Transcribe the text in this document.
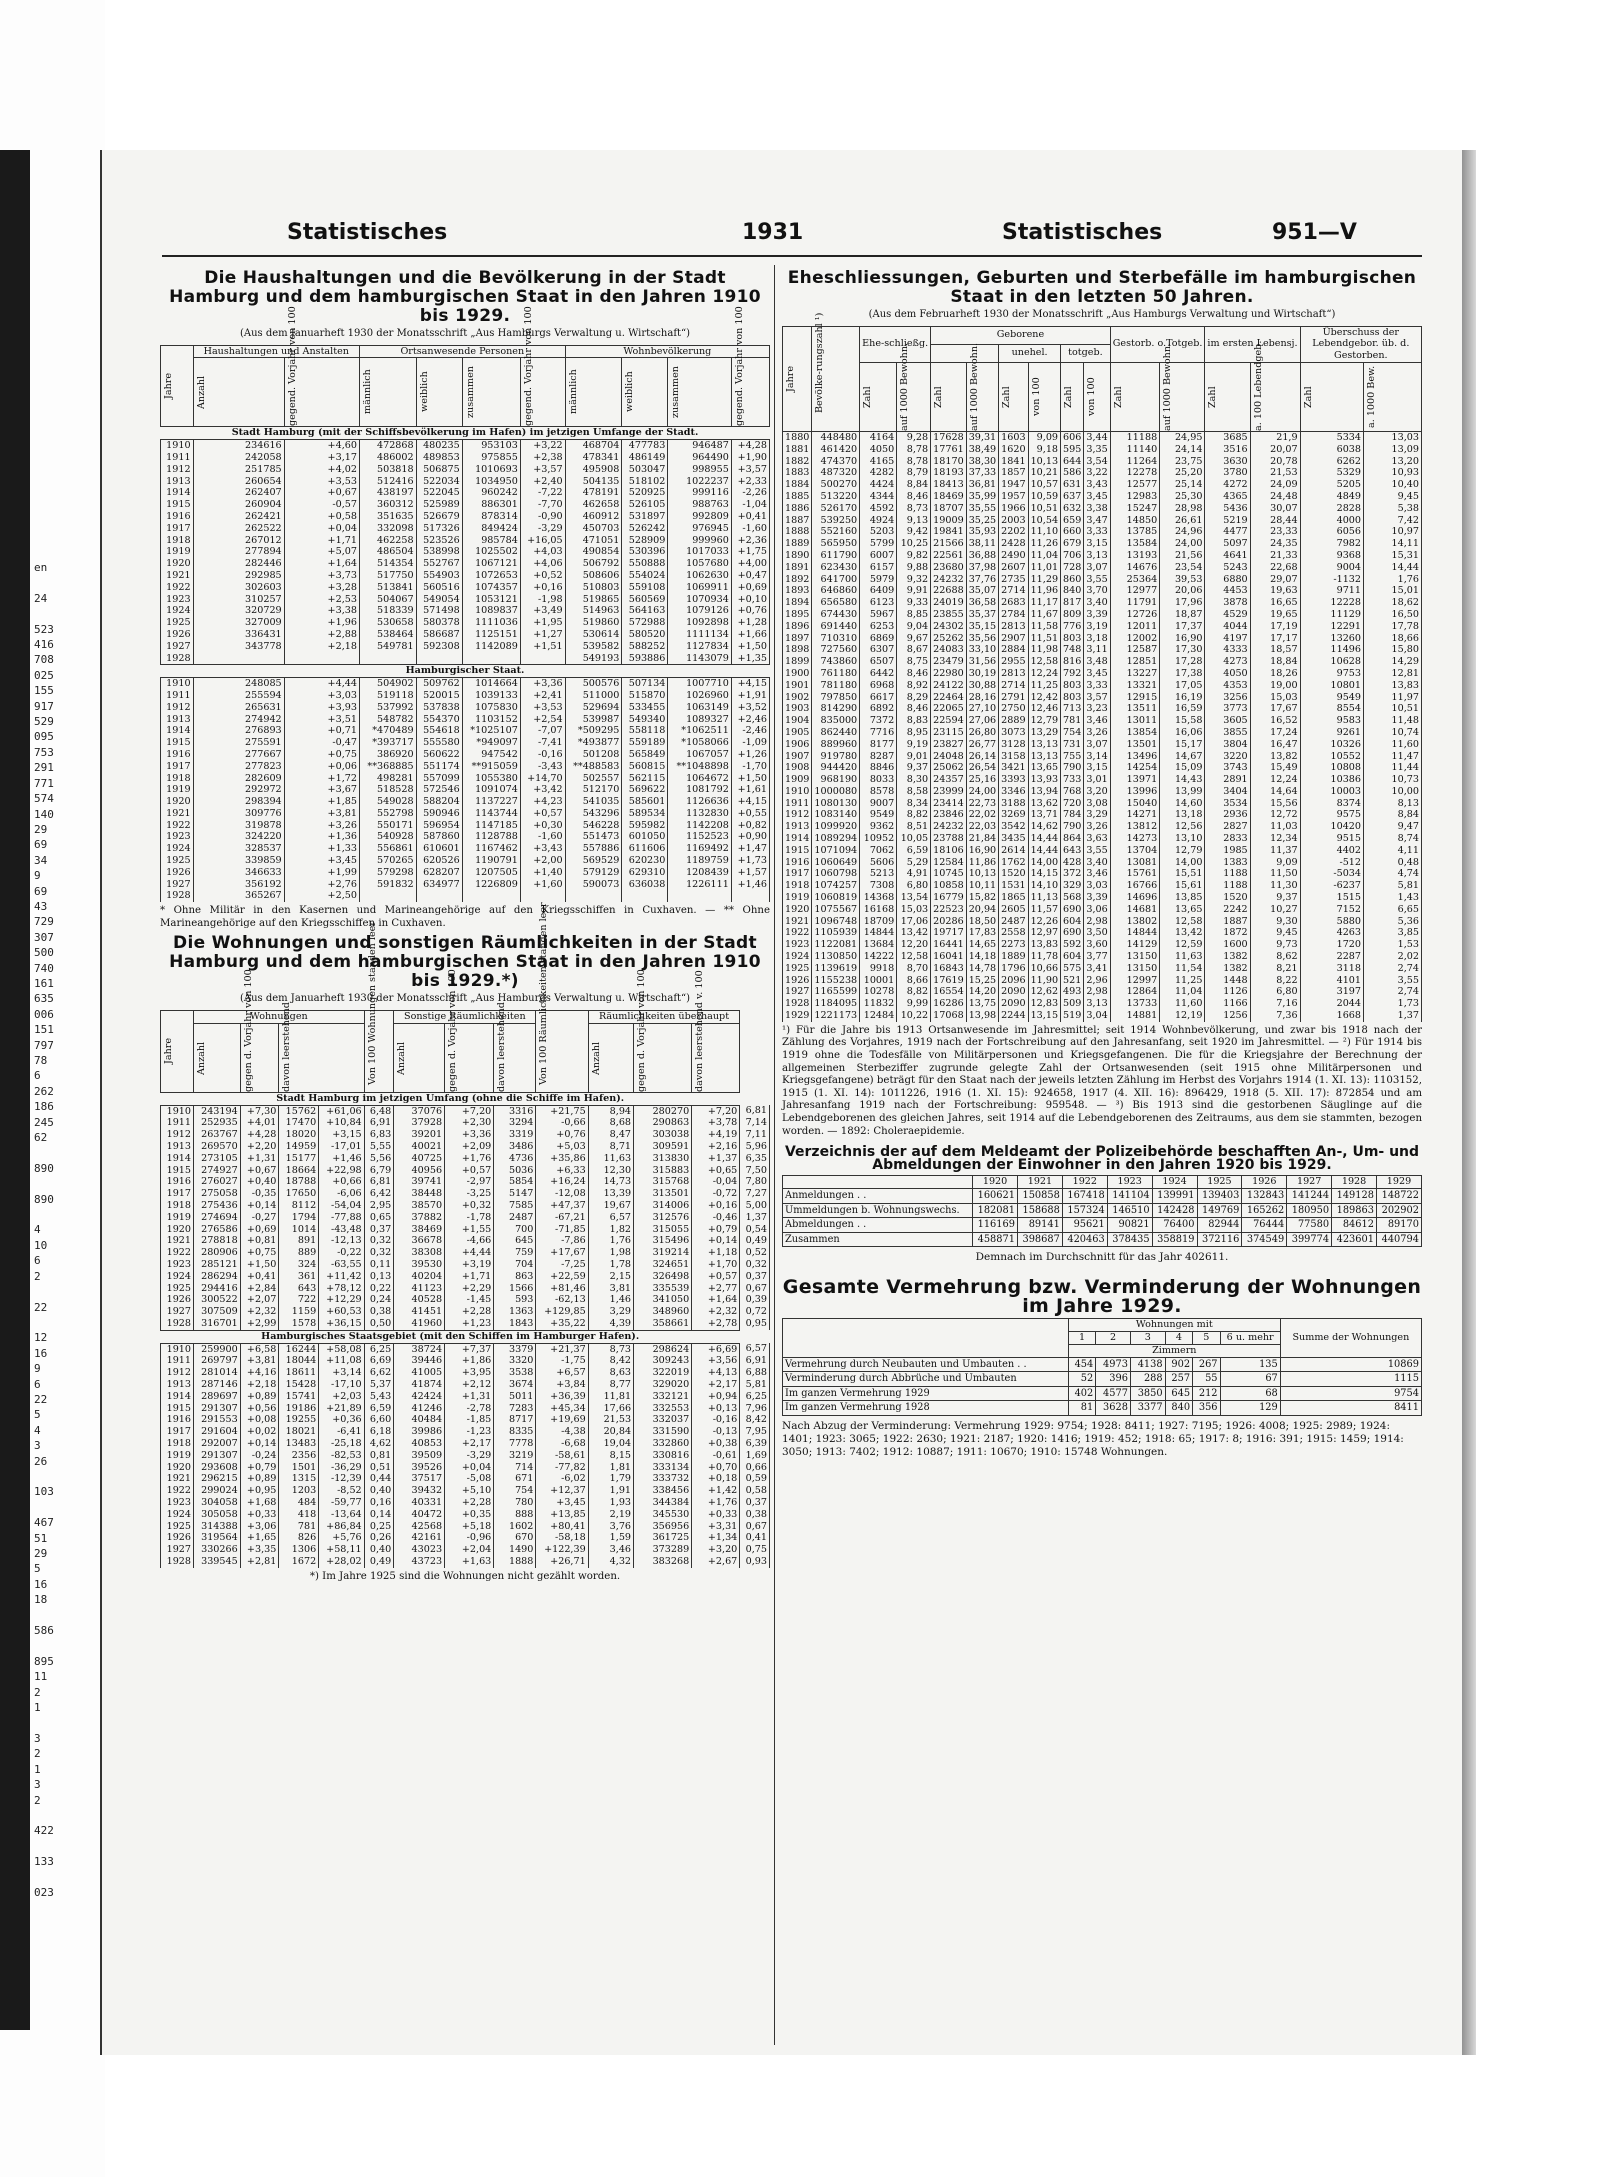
en

24

523
416
708
025
155
917
529
095
753
291
771
574
140
29
69
34
9
69
43
729
307
500
740
161
635
006
151
797
78
6
262
186
245
62

890

890

4
10
6
2

22

12
16
9
6
22
5
4
3
26

103

467
51
29
5
16
18

586

895
11
2
1

3
2
1
3
2

422

133

023
Statistisches	1931	Statistisches	951—V
Die Haushaltungen und die Bevölkerung in der Stadt Hamburg und dem hamburgischen Staat in den Jahren 1910 bis 1929.
(Aus dem Januarheft 1930 der Monatsschrift „Aus Hamburgs Verwaltung u. Wirtschaft“)
Jahre	Haushaltungen und Anstalten		Ortsanwesende Personen				Wohnbevölkerung			

	Anzahl	gegend. Vorjahr von 100	männlich	weiblich	zusammen	gegend. Vorjahr von 100	männlich	weiblich	zusammen	gegend. Vorjahr von 100

Stadt Hamburg (mit der Schiffsbevölkerung im Hafen) im jetzigen Umfange der Stadt.										
1910	234616	+4,60	472868	480235	953103	+3,22	468704	477783	946487	+4,28
1911	242058	+3,17	486002	489853	975855	+2,38	478341	486149	964490	+1,90
1912	251785	+4,02	503818	506875	1010693	+3,57	495908	503047	998955	+3,57
1913	260654	+3,53	512416	522034	1034950	+2,40	504135	518102	1022237	+2,33
1914	262407	+0,67	438197	522045	960242	-7,22	478191	520925	999116	-2,26
1915	260904	-0,57	360312	525989	886301	-7,70	462658	526105	988763	-1,04
1916	262421	+0,58	351635	526679	878314	-0,90	460912	531897	992809	+0,41
1917	262522	+0,04	332098	517326	849424	-3,29	450703	526242	976945	-1,60
1918	267012	+1,71	462258	523526	985784	+16,05	471051	528909	999960	+2,36
1919	277894	+5,07	486504	538998	1025502	+4,03	490854	530396	1017033	+1,75
1920	282446	+1,64	514354	552767	1067121	+4,06	506792	550888	1057680	+4,00
1921	292985	+3,73	517750	554903	1072653	+0,52	508606	554024	1062630	+0,47
1922	302603	+3,28	513841	560516	1074357	+0,16	510803	559108	1069911	+0,69
1923	310257	+2,53	504067	549054	1053121	-1,98	519865	560569	1070934	+0,10
1924	320729	+3,38	518339	571498	1089837	+3,49	514963	564163	1079126	+0,76
1925	327009	+1,96	530658	580378	1111036	+1,95	519860	572988	1092898	+1,28
1926	336431	+2,88	538464	586687	1125151	+1,27	530614	580520	1111134	+1,66
1927	343778	+2,18	549781	592308	1142089	+1,51	539582	588252	1127834	+1,50
1928							549193	593886	1143079	+1,35
Hamburgischer Staat.										
1910	248085	+4,44	504902	509762	1014664	+3,36	500576	507134	1007710	+4,15
1911	255594	+3,03	519118	520015	1039133	+2,41	511000	515870	1026960	+1,91
1912	265631	+3,93	537992	537838	1075830	+3,53	529694	533455	1063149	+3,52
1913	274942	+3,51	548782	554370	1103152	+2,54	539987	549340	1089327	+2,46
1914	276893	+0,71	*470489	554618	*1025107	-7,07	*509295	558118	*1062511	-2,46
1915	275591	-0,47	*393717	555580	*949097	-7,41	*493877	559189	*1058066	-1,09
1916	277667	+0,75	386920	560622	947542	-0,16	501208	565849	1067057	+1,26
1917	277823	+0,06	**368885	551174	**915059	-3,43	**488583	560815	**1048898	-1,70
1918	282609	+1,72	498281	557099	1055380	+14,70	502557	562115	1064672	+1,50
1919	292972	+3,67	518528	572546	1091074	+3,42	512170	569622	1081792	+1,61
1920	298394	+1,85	549028	588204	1137227	+4,23	541035	585601	1126636	+4,15
1921	309776	+3,81	552798	590946	1143744	+0,57	543296	589534	1132830	+0,55
1922	319878	+3,26	550171	596954	1147185	+0,30	546228	595982	1142208	+0,82
1923	324220	+1,36	540928	587860	1128788	-1,60	551473	601050	1152523	+0,90
1924	328537	+1,33	556861	610601	1167462	+3,43	557886	611606	1169492	+1,47
1925	339859	+3,45	570265	620526	1190791	+2,00	569529	620230	1189759	+1,73
1926	346633	+1,99	579298	628207	1207505	+1,40	579129	629310	1208439	+1,57
1927	356192	+2,76	591832	634977	1226809	+1,60	590073	636038	1226111	+1,46
1928	365267	+2,50								
* Ohne Militär in den Kasernen und Marineangehörige auf den Kriegsschiffen in Cuxhaven. — ** Ohne Marineangehörige auf den Kriegsschiffen in Cuxhaven.
Die Wohnungen und sonstigen Räumlichkeiten in der Stadt Hamburg und dem hamburgischen Staat in den Jahren 1910 bis 1929.*)
(Aus dem Januarheft 1930 der Monatsschrift „Aus Hamburgs Verwaltung u. Wirtschaft“)
Jahre	Wohnungen				Von 100 Wohnungen standen leer	Sonstige Räumlichkeiten			Von 100 Räumlichkeiten standen leer	Räumlichkeiten überhaupt			

	Anzahl	gegen d. Vorjahr von 100	davon leerstehend			Anzahl	gegen d. Vorjahr von 100	davon leerstehend		Anzahl	gegen d. Vorjahr von 100	davon leerstehend v. 100	

Stadt Hamburg im jetzigen Umfang (ohne die Schiffe im Hafen).													
1910	243194	+7,30	15762	+61,06	6,48	37076	+7,20	3316	+21,75	8,94	280270	+7,20	6,81
1911	252935	+4,01	17470	+10,84	6,91	37928	+2,30	3294	-0,66	8,68	290863	+3,78	7,14
1912	263767	+4,28	18020	+3,15	6,83	39201	+3,36	3319	+0,76	8,47	303038	+4,19	7,11
1913	269570	+2,20	14959	-17,01	5,55	40021	+2,09	3486	+5,03	8,71	309591	+2,16	5,96
1914	273105	+1,31	15177	+1,46	5,56	40725	+1,76	4736	+35,86	11,63	313830	+1,37	6,35
1915	274927	+0,67	18664	+22,98	6,79	40956	+0,57	5036	+6,33	12,30	315883	+0,65	7,50
1916	276027	+0,40	18788	+0,66	6,81	39741	-2,97	5854	+16,24	14,73	315768	-0,04	7,80
1917	275058	-0,35	17650	-6,06	6,42	38448	-3,25	5147	-12,08	13,39	313501	-0,72	7,27
1918	275436	+0,14	8112	-54,04	2,95	38570	+0,32	7585	+47,37	19,67	314006	+0,16	5,00
1919	274694	-0,27	1794	-77,88	0,65	37882	-1,78	2487	-67,21	6,57	312576	-0,46	1,37
1920	276586	+0,69	1014	-43,48	0,37	38469	+1,55	700	-71,85	1,82	315055	+0,79	0,54
1921	278818	+0,81	891	-12,13	0,32	36678	-4,66	645	-7,86	1,76	315496	+0,14	0,49
1922	280906	+0,75	889	-0,22	0,32	38308	+4,44	759	+17,67	1,98	319214	+1,18	0,52
1923	285121	+1,50	324	-63,55	0,11	39530	+3,19	704	-7,25	1,78	324651	+1,70	0,32
1924	286294	+0,41	361	+11,42	0,13	40204	+1,71	863	+22,59	2,15	326498	+0,57	0,37
1925	294416	+2,84	643	+78,12	0,22	41123	+2,29	1566	+81,46	3,81	335539	+2,77	0,67
1926	300522	+2,07	722	+12,29	0,24	40528	-1,45	593	-62,13	1,46	341050	+1,64	0,39
1927	307509	+2,32	1159	+60,53	0,38	41451	+2,28	1363	+129,85	3,29	348960	+2,32	0,72
1928	316701	+2,99	1578	+36,15	0,50	41960	+1,23	1843	+35,22	4,39	358661	+2,78	0,95
Hamburgisches Staatsgebiet (mit den Schiffen im Hamburger Hafen).													
1910	259900	+6,58	16244	+58,08	6,25	38724	+7,37	3379	+21,37	8,73	298624	+6,69	6,57
1911	269797	+3,81	18044	+11,08	6,69	39446	+1,86	3320	-1,75	8,42	309243	+3,56	6,91
1912	281014	+4,16	18611	+3,14	6,62	41005	+3,95	3538	+6,57	8,63	322019	+4,13	6,88
1913	287146	+2,18	15428	-17,10	5,37	41874	+2,12	3674	+3,84	8,77	329020	+2,17	5,81
1914	289697	+0,89	15741	+2,03	5,43	42424	+1,31	5011	+36,39	11,81	332121	+0,94	6,25
1915	291307	+0,56	19186	+21,89	6,59	41246	-2,78	7283	+45,34	17,66	332553	+0,13	7,96
1916	291553	+0,08	19255	+0,36	6,60	40484	-1,85	8717	+19,69	21,53	332037	-0,16	8,42
1917	291604	+0,02	18021	-6,41	6,18	39986	-1,23	8335	-4,38	20,84	331590	-0,13	7,95
1918	292007	+0,14	13483	-25,18	4,62	40853	+2,17	7778	-6,68	19,04	332860	+0,38	6,39
1919	291307	-0,24	2356	-82,53	0,81	39509	-3,29	3219	-58,61	8,15	330816	-0,61	1,69
1920	293608	+0,79	1501	-36,29	0,51	39526	+0,04	714	-77,82	1,81	333134	+0,70	0,66
1921	296215	+0,89	1315	-12,39	0,44	37517	-5,08	671	-6,02	1,79	333732	+0,18	0,59
1922	299024	+0,95	1203	-8,52	0,40	39432	+5,10	754	+12,37	1,91	338456	+1,42	0,58
1923	304058	+1,68	484	-59,77	0,16	40331	+2,28	780	+3,45	1,93	344384	+1,76	0,37
1924	305058	+0,33	418	-13,64	0,14	40472	+0,35	888	+13,85	2,19	345530	+0,33	0,38
1925	314388	+3,06	781	+86,84	0,25	42568	+5,18	1602	+80,41	3,76	356956	+3,31	0,67
1926	319564	+1,65	826	+5,76	0,26	42161	-0,96	670	-58,18	1,59	361725	+1,34	0,41
1927	330266	+3,35	1306	+58,11	0,40	43023	+2,04	1490	+122,39	3,46	373289	+3,20	0,75
1928	339545	+2,81	1672	+28,02	0,49	43723	+1,63	1888	+26,71	4,32	383268	+2,67	0,93
*) Im Jahre 1925 sind die Wohnungen nicht gezählt worden.
Eheschliessungen, Geburten und Sterbefälle im hamburgischen Staat in den letzten 50 Jahren.
(Aus dem Februarheft 1930 der Monatsschrift „Aus Hamburgs Verwaltung und Wirtschaft“)
Jahre	Bevölke-rungszahl ¹)	Ehe-schließg.		Geborene						Gestorb. o.Totgeb.		im ersten Lebensj.		Überschuss der Lebendgebor. üb. d. Gestorben.	
						unehel.		totgeb.							

		Zahl	auf 1000 Bewohn.	Zahl	auf 1000 Bewohn.	Zahl	von 100	Zahl	von 100	Zahl	auf 1000 Bewohn.	Zahl	a. 100 Lebendgeb.	Zahl	a. 1000 Bew.

1880	448480	4164	9,28	17628	39,31	1603	9,09	606	3,44	11188	24,95	3685	21,9	5334	13,03
1881	461420	4050	8,78	17761	38,49	1620	9,18	595	3,35	11140	24,14	3516	20,07	6038	13,09
1882	474370	4165	8,78	18170	38,30	1841	10,13	644	3,54	11264	23,75	3630	20,78	6262	13,20
1883	487320	4282	8,79	18193	37,33	1857	10,21	586	3,22	12278	25,20	3780	21,53	5329	10,93
1884	500270	4424	8,84	18413	36,81	1947	10,57	631	3,43	12577	25,14	4272	24,09	5205	10,40
1885	513220	4344	8,46	18469	35,99	1957	10,59	637	3,45	12983	25,30	4365	24,48	4849	9,45
1886	526170	4592	8,73	18707	35,55	1966	10,51	632	3,38	15247	28,98	5436	30,07	2828	5,38
1887	539250	4924	9,13	19009	35,25	2003	10,54	659	3,47	14850	26,61	5219	28,44	4000	7,42
1888	552160	5203	9,42	19841	35,93	2202	11,10	660	3,33	13785	24,96	4477	23,33	6056	10,97
1889	565950	5799	10,25	21566	38,11	2428	11,26	679	3,15	13584	24,00	5097	24,35	7982	14,11
1890	611790	6007	9,82	22561	36,88	2490	11,04	706	3,13	13193	21,56	4641	21,33	9368	15,31
1891	623430	6157	9,88	23680	37,98	2607	11,01	728	3,07	14676	23,54	5243	22,68	9004	14,44
1892	641700	5979	9,32	24232	37,76	2735	11,29	860	3,55	25364	39,53	6880	29,07	-1132	1,76
1893	646860	6409	9,91	22688	35,07	2714	11,96	840	3,70	12977	20,06	4453	19,63	9711	15,01
1894	656580	6123	9,33	24019	36,58	2683	11,17	817	3,40	11791	17,96	3878	16,65	12228	18,62
1895	674430	5967	8,85	23855	35,37	2784	11,67	809	3,39	12726	18,87	4529	19,65	11129	16,50
1896	691440	6253	9,04	24302	35,15	2813	11,58	776	3,19	12011	17,37	4044	17,19	12291	17,78
1897	710310	6869	9,67	25262	35,56	2907	11,51	803	3,18	12002	16,90	4197	17,17	13260	18,66
1898	727560	6307	8,67	24083	33,10	2884	11,98	748	3,11	12587	17,30	4333	18,57	11496	15,80
1899	743860	6507	8,75	23479	31,56	2955	12,58	816	3,48	12851	17,28	4273	18,84	10628	14,29
1900	761180	6442	8,46	22980	30,19	2813	12,24	792	3,45	13227	17,38	4050	18,26	9753	12,81
1901	781180	6968	8,92	24122	30,88	2714	11,25	803	3,33	13321	17,05	4353	19,00	10801	13,83
1902	797850	6617	8,29	22464	28,16	2791	12,42	803	3,57	12915	16,19	3256	15,03	9549	11,97
1903	814290	6892	8,46	22065	27,10	2750	12,46	713	3,23	13511	16,59	3773	17,67	8554	10,51
1904	835000	7372	8,83	22594	27,06	2889	12,79	781	3,46	13011	15,58	3605	16,52	9583	11,48
1905	862440	7716	8,95	23115	26,80	3073	13,29	754	3,26	13854	16,06	3855	17,24	9261	10,74
1906	889960	8177	9,19	23827	26,77	3128	13,13	731	3,07	13501	15,17	3804	16,47	10326	11,60
1907	919780	8287	9,01	24048	26,14	3158	13,13	755	3,14	13496	14,67	3220	13,82	10552	11,47
1908	944420	8846	9,37	25062	26,54	3421	13,65	790	3,15	14254	15,09	3743	15,49	10808	11,44
1909	968190	8033	8,30	24357	25,16	3393	13,93	733	3,01	13971	14,43	2891	12,24	10386	10,73
1910	1000080	8578	8,58	23999	24,00	3346	13,94	768	3,20	13996	13,99	3404	14,64	10003	10,00
1911	1080130	9007	8,34	23414	22,73	3188	13,62	720	3,08	15040	14,60	3534	15,56	8374	8,13
1912	1083140	9549	8,82	23846	22,02	3269	13,71	784	3,29	14271	13,18	2936	12,72	9575	8,84
1913	1099920	9362	8,51	24232	22,03	3542	14,62	790	3,26	13812	12,56	2827	11,03	10420	9,47
1914	1089294	10952	10,05	23788	21,84	3435	14,44	864	3,63	14273	13,10	2833	12,34	9515	8,74
1915	1071094	7062	6,59	18106	16,90	2614	14,44	643	3,55	13704	12,79	1985	11,37	4402	4,11
1916	1060649	5606	5,29	12584	11,86	1762	14,00	428	3,40	13081	14,00	1383	9,09	-512	0,48
1917	1060798	5213	4,91	10745	10,13	1520	14,15	372	3,46	15761	15,51	1188	11,50	-5034	4,74
1918	1074257	7308	6,80	10858	10,11	1531	14,10	329	3,03	16766	15,61	1188	11,30	-6237	5,81
1919	1060819	14368	13,54	16779	15,82	1865	11,13	568	3,39	14696	13,85	1520	9,37	1515	1,43
1920	1075567	16168	15,03	22523	20,94	2605	11,57	690	3,06	14681	13,65	2242	10,27	7152	6,65
1921	1096748	18709	17,06	20286	18,50	2487	12,26	604	2,98	13802	12,58	1887	9,30	5880	5,36
1922	1105939	14844	13,42	19717	17,83	2558	12,97	690	3,50	14844	13,42	1872	9,45	4263	3,85
1923	1122081	13684	12,20	16441	14,65	2273	13,83	592	3,60	14129	12,59	1600	9,73	1720	1,53
1924	1130850	14222	12,58	16041	14,18	1889	11,78	604	3,77	13150	11,63	1382	8,62	2287	2,02
1925	1139619	9918	8,70	16843	14,78	1796	10,66	575	3,41	13150	11,54	1382	8,21	3118	2,74
1926	1155238	10001	8,66	17619	15,25	2096	11,90	521	2,96	12997	11,25	1448	8,22	4101	3,55
1927	1165599	10278	8,82	16554	14,20	2090	12,62	493	2,98	12864	11,04	1126	6,80	3197	2,74
1928	1184095	11832	9,99	16286	13,75	2090	12,83	509	3,13	13733	11,60	1166	7,16	2044	1,73
1929	1221173	12484	10,22	17068	13,98	2244	13,15	519	3,04	14881	12,19	1256	7,36	1668	1,37
¹) Für die Jahre bis 1913 Ortsanwesende im Jahresmittel; seit 1914 Wohnbevölkerung, und zwar bis 1918 nach der Zählung des Vorjahres, 1919 nach der Fortschreibung auf den Jahresanfang, seit 1920 im Jahresmittel. — ²) Für 1914 bis 1919 ohne die Todesfälle von Militärpersonen und Kriegsgefangenen. Die für die Kriegsjahre der Berechnung der allgemeinen Sterbeziffer zugrunde gelegte Zahl der Ortsanwesenden (seit 1915 ohne Militärpersonen und Kriegsgefangene) beträgt für den Staat nach der jeweils letzten Zählung im Herbst des Vorjahrs 1914 (1. XI. 13): 1103152, 1915 (1. XI. 14): 1011226, 1916 (1. XI. 15): 924658, 1917 (4. XII. 16): 896429, 1918 (5. XII. 17): 872854 und am Jahresanfang 1919 nach der Fortschreibung: 959548. — ³) Bis 1913 sind die gestorbenen Säuglinge auf die Lebendgeborenen des gleichen Jahres, seit 1914 auf die Lebendgeborenen des Zeitraums, aus dem sie stammten, bezogen worden. — 1892: Choleraepidemie.
Verzeichnis der auf dem Meldeamt der Polizeibehörde beschafften An-, Um- und Abmeldungen der Einwohner in den Jahren 1920 bis 1929.
	1920	1921	1922	1923	1924	1925	1926	1927	1928	1929
Anmeldungen . .	160621	150858	167418	141104	139991	139403	132843	141244	149128	148722
Ummeldungen b. Wohnungswechs.	182081	158688	157324	146510	142428	149769	165262	180950	189863	202902
Abmeldungen . .	116169	89141	95621	90821	76400	82944	76444	77580	84612	89170
Zusammen	458871	398687	420463	378435	358819	372116	374549	399774	423601	440794
Demnach im Durchschnitt für das Jahr 402611.
Gesamte Vermehrung bzw. Verminderung der Wohnungen im Jahre 1929.
	Wohnungen mit						Summe der Wohnungen
	1	2	3	4	5	6 u. mehr	
	Zimmern						
Vermehrung durch Neubauten und Umbauten . .	454	4973	4138	902	267	135	10869
Verminderung durch Abbrüche und Umbauten	52	396	288	257	55	67	1115
Im ganzen Vermehrung 1929	402	4577	3850	645	212	68	9754
Im ganzen Vermehrung 1928	81	3628	3377	840	356	129	8411
Nach Abzug der Verminderung: Vermehrung 1929: 9754; 1928: 8411; 1927: 7195; 1926: 4008; 1925: 2989; 1924: 1401; 1923: 3065; 1922: 2630; 1921: 2187; 1920: 1416; 1919: 452; 1918: 65; 1917: 8; 1916: 391; 1915: 1459; 1914: 3050; 1913: 7402; 1912: 10887; 1911: 10670; 1910: 15748 Wohnungen.
